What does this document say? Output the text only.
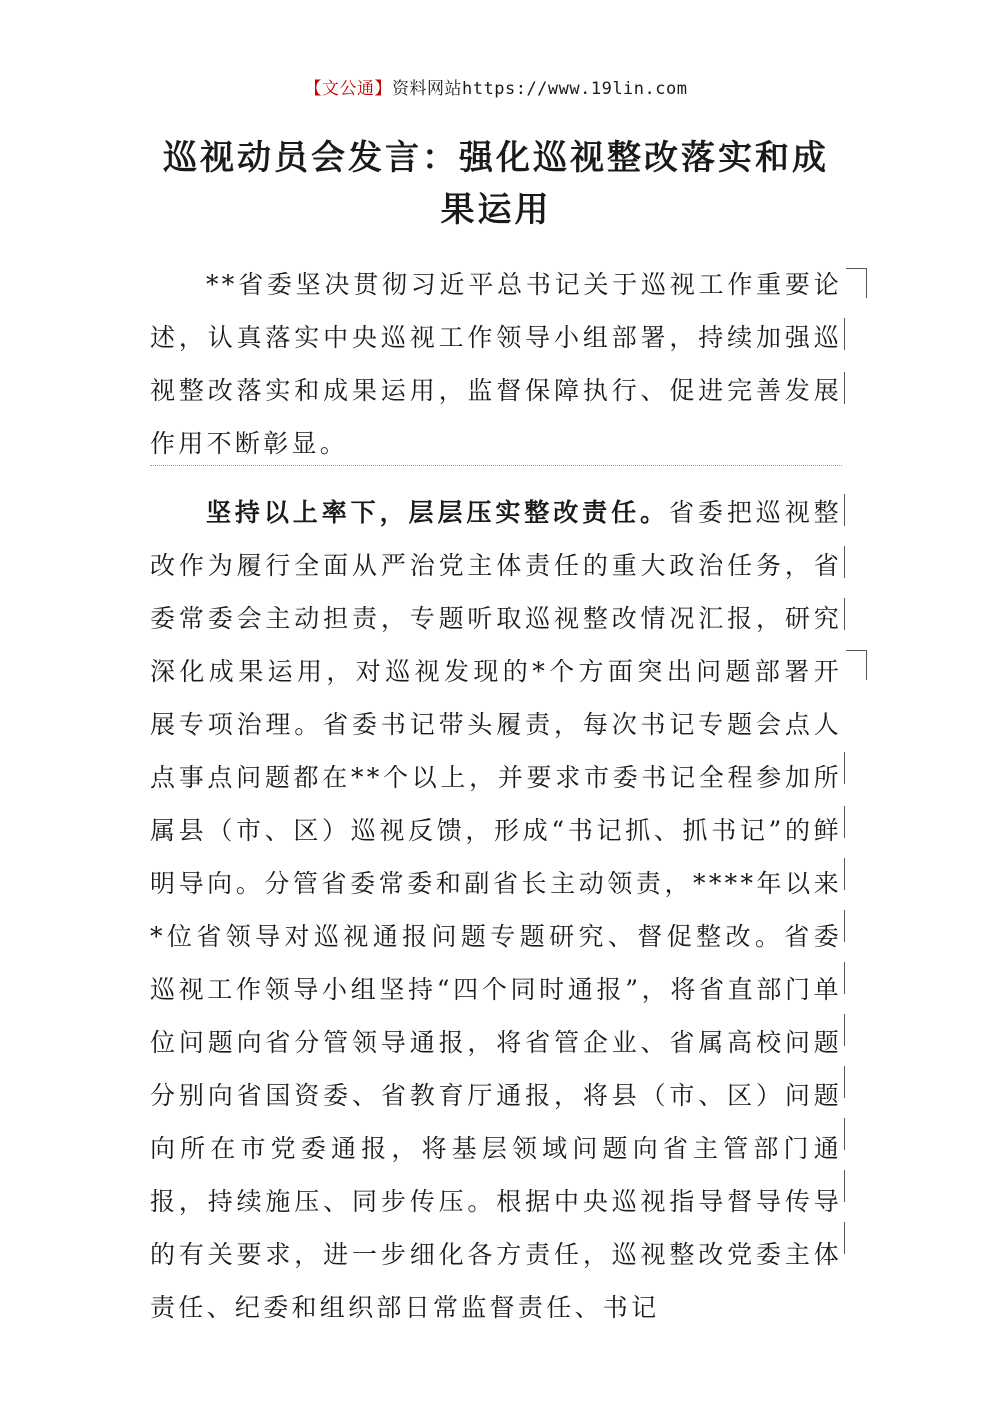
【文公通】资料网站https://www.19lin.com
巡视动员会发言：强化巡视整改落实和成果运用
**省委坚决贯彻习近平总书记关于巡视工作重要论述，认真落实中央巡视工作领导小组部署，持续加强巡视整改落实和成果运用，监督保障执行、促进完善发展作用不断彰显。
坚持以上率下，层层压实整改责任。省委把巡视整改作为履行全面从严治党主体责任的重大政治任务，省委常委会主动担责，专题听取巡视整改情况汇报，研究深化成果运用，对巡视发现的*个方面突出问题部署开展专项治理。省委书记带头履责，每次书记专题会点人点事点问题都在**个以上，并要求市委书记全程参加所属县（市、区）巡视反馈，形成“书记抓、抓书记”的鲜明导向。分管省委常委和副省长主动领责，****年以来*位省领导对巡视通报问题专题研究、督促整改。省委巡视工作领导小组坚持“四个同时通报”，将省直部门单位问题向省分管领导通报，将省管企业、省属高校问题分别向省国资委、省教育厅通报，将县（市、区）问题向所在市党委通报，将基层领域问题向省主管部门通报，持续施压、同步传压。根据中央巡视指导督导传导的有关要求，进一步细化各方责任，巡视整改党委主体责任、纪委和组织部日常监督责任、书记
